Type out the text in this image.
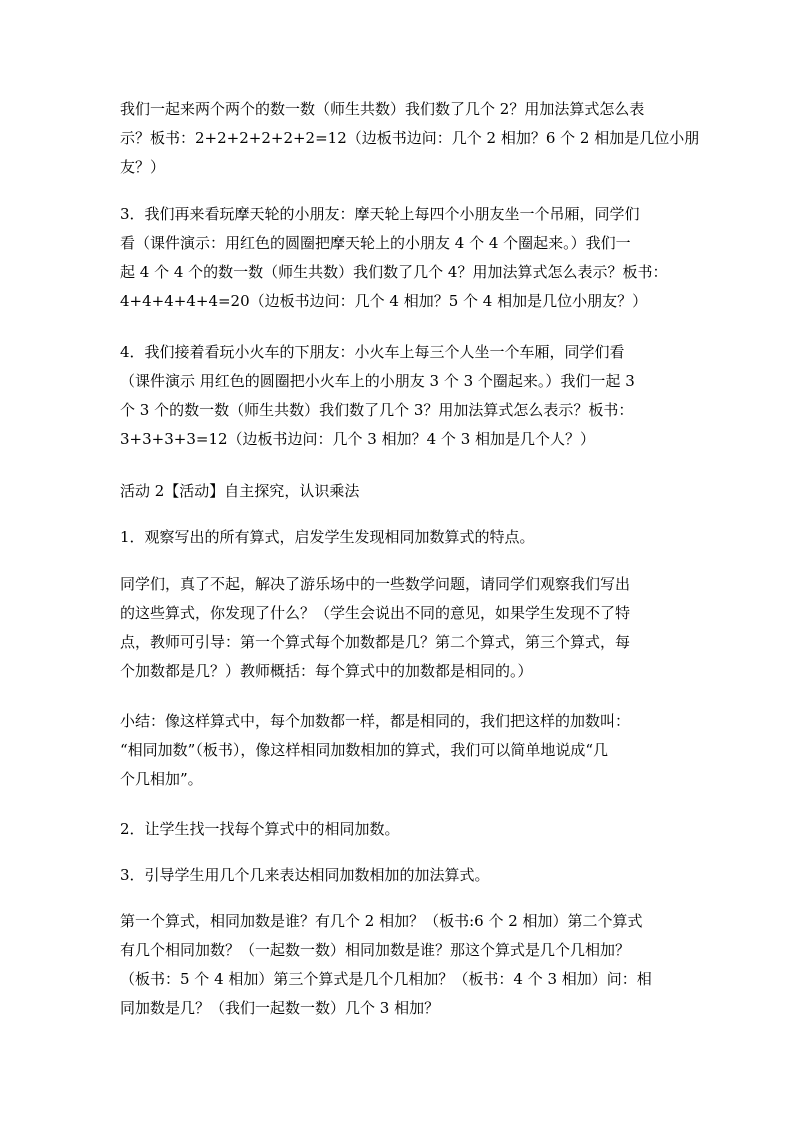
我们一起来两个两个的数一数（师生共数）我们数了几个 2？用加法算式怎么表
示？板书：2+2+2+2+2+2=12（边板书边问：几个 2 相加？6 个 2 相加是几位小朋
友？）

3．我们再来看玩摩天轮的小朋友：摩天轮上每四个小朋友坐一个吊厢，同学们
看（课件演示：用红色的圆圈把摩天轮上的小朋友 4 个 4 个圈起来。）我们一
起 4 个 4 个的数一数（师生共数）我们数了几个 4？用加法算式怎么表示？板书：
4+4+4+4+4=20（边板书边问：几个 4 相加？5 个 4 相加是几位小朋友？）

4．我们接着看玩小火车的下朋友：小火车上每三个人坐一个车厢，同学们看
（课件演示 用红色的圆圈把小火车上的小朋友 3 个 3 个圈起来。）我们一起 3
个 3 个的数一数（师生共数）我们数了几个 3？用加法算式怎么表示？板书：
3+3+3+3=12（边板书边问：几个 3 相加？4 个 3 相加是几个人？）

活动 2【活动】自主探究，认识乘法

1．观察写出的所有算式，启发学生发现相同加数算式的特点。

同学们，真了不起，解决了游乐场中的一些数学问题，请同学们观察我们写出
的这些算式，你发现了什么？（学生会说出不同的意见，如果学生发现不了特
点，教师可引导：第一个算式每个加数都是几？第二个算式，第三个算式，每
个加数都是几？）教师概括：每个算式中的加数都是相同的。）

小结：像这样算式中，每个加数都一样，都是相同的，我们把这样的加数叫：
“相同加数”（板书），像这样相同加数相加的算式，我们可以简单地说成“几
个几相加”。

2．让学生找一找每个算式中的相同加数。

3．引导学生用几个几来表达相同加数相加的加法算式。

第一个算式，相同加数是谁？有几个 2 相加？（板书:6 个 2 相加）第二个算式
有几个相同加数？（一起数一数）相同加数是谁？那这个算式是几个几相加？
（板书：5 个 4 相加）第三个算式是几个几相加？（板书：4 个 3 相加）问：相
同加数是几？（我们一起数一数）几个 3 相加？
